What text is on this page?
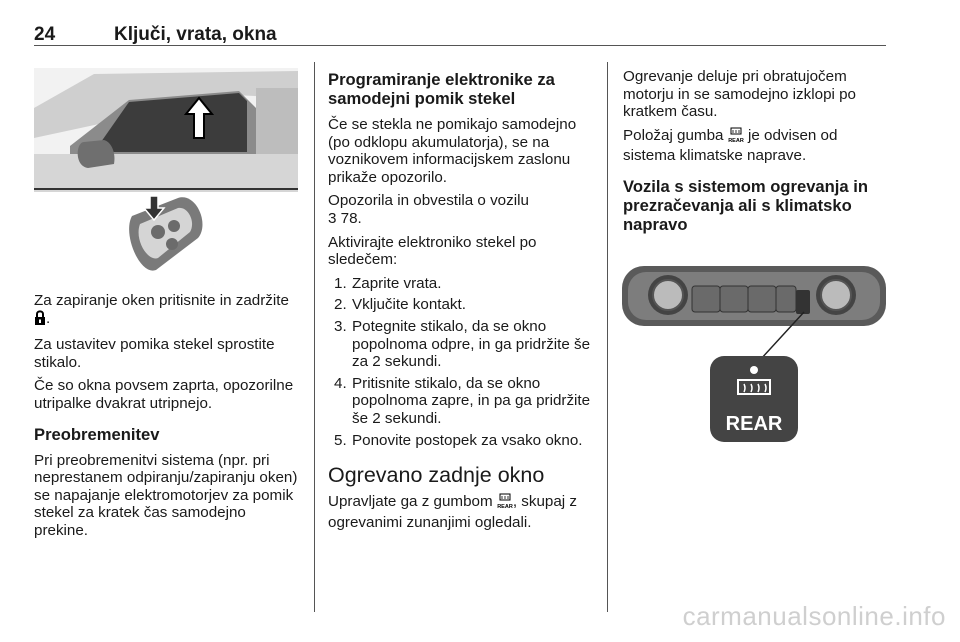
24	Ključi, vrata, okna

Za zapiranje oken pritisnite in zadržite .

Za ustavitev pomika stekel sprostite stikalo.

Če so okna povsem zaprta, opozorilne utripalke dvakrat utripnejo.

Preobremenitev

Pri preobremenitvi sistema (npr. pri neprestanem odpiranju/zapiranju oken) se napajanje elektromotorjev za pomik stekel za kratek čas samodejno prekine.

Programiranje elektronike za samodejni pomik stekel

Če se stekla ne pomikajo samodejno (po odklopu akumulatorja), se na voznikovem informacijskem zaslonu prikaže opozorilo.

Opozorila in obvestila o vozilu
3 78.

Aktivirajte elektroniko stekel po sledečem:

1. Zaprite vrata.
2. Vključite kontakt.
3. Potegnite stikalo, da se okno popolnoma odpre, in ga pridržite še za 2 sekundi.
4. Pritisnite stikalo, da se okno popolnoma zapre, in pa ga pridržite še 2 sekundi.
5. Ponovite postopek za vsako okno.
Ogrevano zadnje okno

Upravljate ga z gumbom REAR , skupaj z ogrevanimi zunanjimi ogledali.

Ogrevanje deluje pri obratujočem motorju in se samodejno izklopi po kratkem času.

Položaj gumba REAR je odvisen od sistema klimatske naprave.

Vozila s sistemom ogrevanja in prezračevanja ali s klimatsko napravo
REAR
carmanualsonline.info
